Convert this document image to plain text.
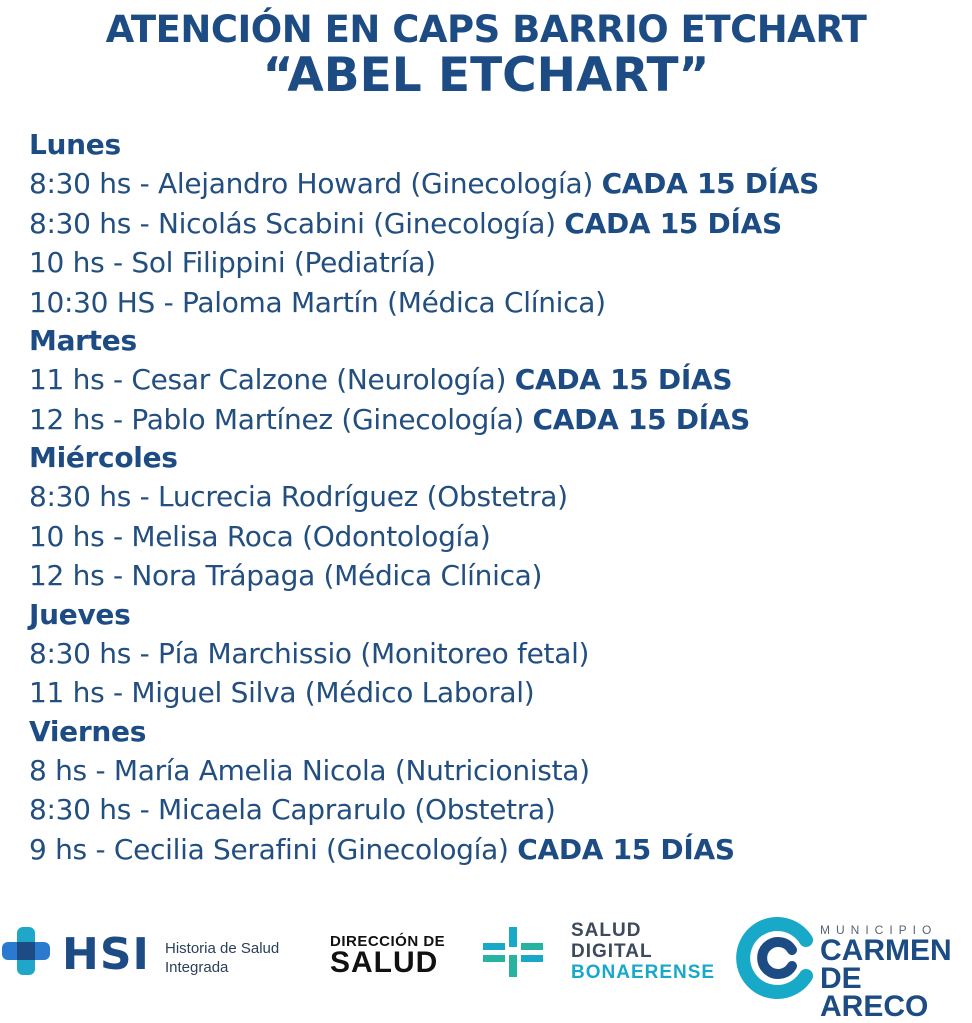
ATENCIÓN EN CAPS BARRIO ETCHART
“ABEL ETCHART”
Lunes
8:30 hs - Alejandro Howard (Ginecología) CADA 15 DÍAS
8:30 hs - Nicolás Scabini (Ginecología) CADA 15 DÍAS
10 hs - Sol Filippini (Pediatría)
10:30 HS - Paloma Martín (Médica Clínica)
Martes
11 hs - Cesar Calzone (Neurología) CADA 15 DÍAS
12 hs - Pablo Martínez (Ginecología) CADA 15 DÍAS
Miércoles
8:30 hs - Lucrecia Rodríguez (Obstetra)
10 hs - Melisa Roca (Odontología)
12 hs - Nora Trápaga (Médica Clínica)
Jueves
8:30 hs - Pía Marchissio (Monitoreo fetal)
11 hs - Miguel Silva (Médico Laboral)
Viernes
8 hs - María Amelia Nicola (Nutricionista)
8:30 hs - Micaela Caprarulo (Obstetra)
9 hs - Cecilia Serafini (Ginecología) CADA 15 DÍAS
HSI Historia de Salud
Integrada
DIRECCIÓN DE
SALUD
SALUD
DIGITAL
BONAERENSE
MUNICIPIO
CARMEN
DE ARECO
